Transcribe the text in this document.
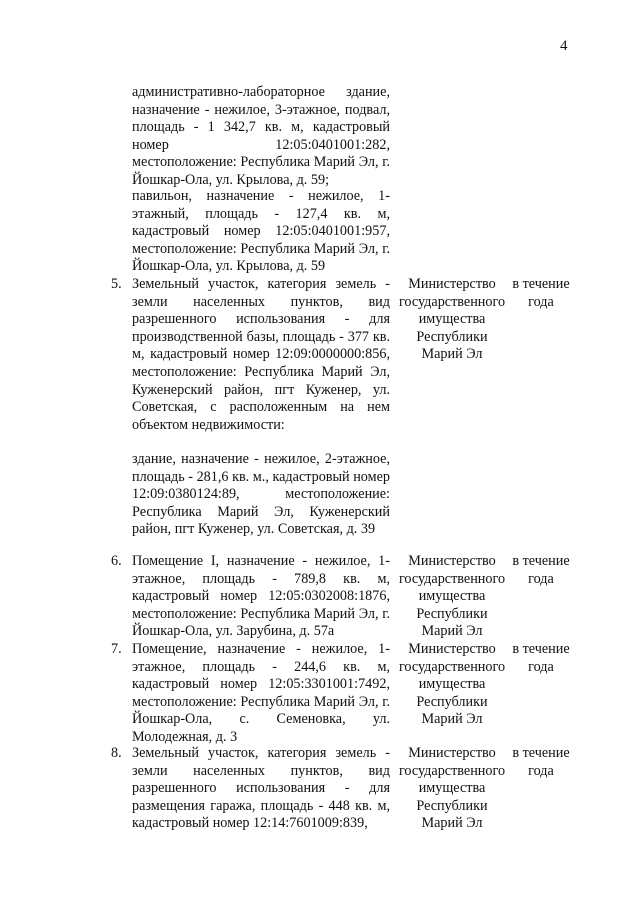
4
административно-лабораторное здание, назначение - нежилое, 3-этажное, подвал, площадь - 1 342,7 кв. м, кадастровый номер 12:05:0401001:282, местоположение: Республика Марий Эл, г. Йошкар-Ола, ул. Крылова, д. 59;
павильон, назначение - нежилое, 1-этажный, площадь - 127,4 кв. м, кадастровый номер 12:05:0401001:957, местоположение: Республика Марий Эл, г. Йошкар-Ола, ул. Крылова, д. 59
5. Земельный участок, категория земель - земли населенных пунктов, вид разрешенного использования - для производственной базы, площадь - 377 кв. м, кадастровый номер 12:09:0000000:856, местоположение: Республика Марий Эл, Куженерский район, пгт Куженер, ул. Советская, с расположенным на нем объектом недвижимости:
здание, назначение - нежилое, 2-этажное, площадь - 281,6 кв. м., кадастровый номер 12:09:0380124:89, местоположение: Республика Марий Эл, Куженерский район, пгт Куженер, ул. Советская, д. 39
Министерство
государственного
имущества
Республики
Марий Эл
в течение
года
6. Помещение I, назначение - нежилое, 1-этажное, площадь - 789,8 кв. м, кадастровый номер 12:05:0302008:1876, местоположение: Республика Марий Эл, г. Йошкар-Ола, ул. Зарубина, д. 57а
Министерство
государственного
имущества
Республики
Марий Эл
в течение
года
7. Помещение, назначение - нежилое, 1-этажное, площадь - 244,6 кв. м, кадастровый номер 12:05:3301001:7492, местоположение: Республика Марий Эл, г. Йошкар-Ола, с. Семеновка, ул. Молодежная, д. 3
Министерство
государственного
имущества
Республики
Марий Эл
в течение
года
8. Земельный участок, категория земель - земли населенных пунктов, вид разрешенного использования - для размещения гаража, площадь - 448 кв. м, кадастровый номер 12:14:7601009:839,
Министерство
государственного
имущества
Республики
Марий Эл
в течение
года
